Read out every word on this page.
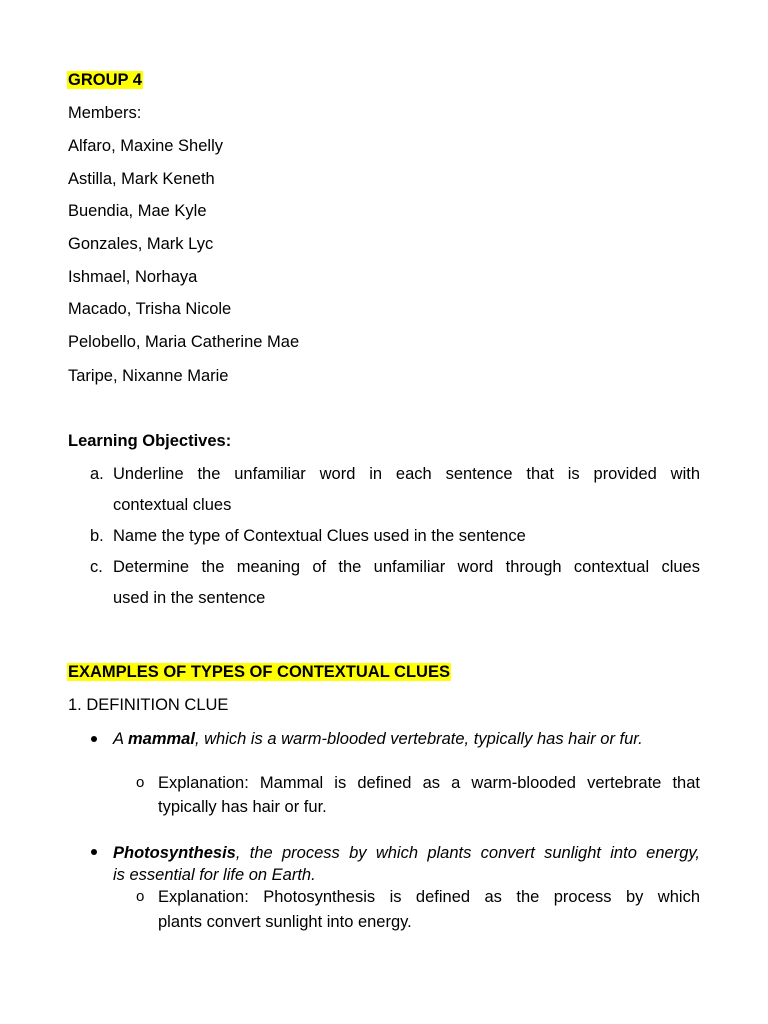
GROUP 4
Members:
Alfaro, Maxine Shelly
Astilla, Mark Keneth
Buendia, Mae Kyle
Gonzales, Mark Lyc
Ishmael, Norhaya
Macado, Trisha Nicole
Pelobello, Maria Catherine Mae
Taripe, Nixanne Marie
Learning Objectives:
a. Underline the unfamiliar word in each sentence that is provided with
contextual clues
b. Name the type of Contextual Clues used in the sentence
c. Determine the meaning of the unfamiliar word through contextual clues
used in the sentence
EXAMPLES OF TYPES OF CONTEXTUAL CLUES
1. DEFINITION CLUE
A mammal, which is a warm-blooded vertebrate, typically has hair or fur.
o Explanation: Mammal is defined as a warm-blooded vertebrate that
typically has hair or fur.
Photosynthesis, the process by which plants convert sunlight into energy,
is essential for life on Earth.
o Explanation: Photosynthesis is defined as the process by which
plants convert sunlight into energy.
